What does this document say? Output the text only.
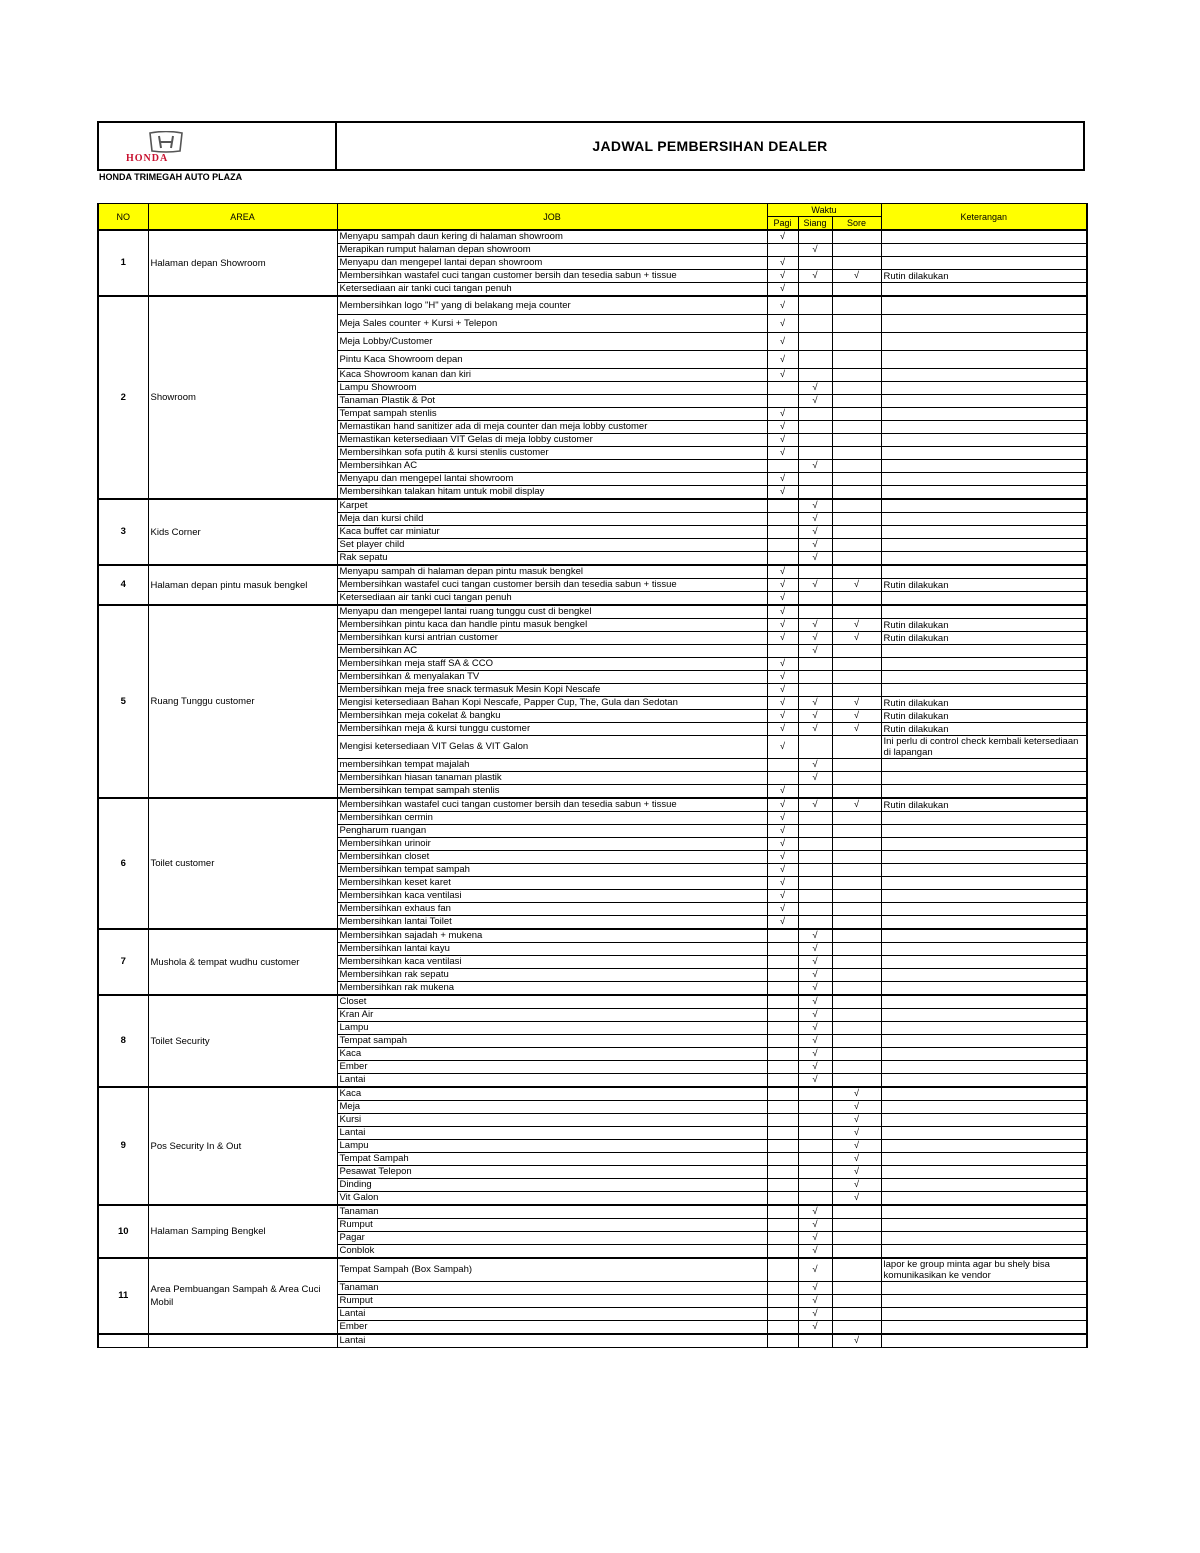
HONDA
JADWAL PEMBERSIHAN DEALER
HONDA TRIMEGAH AUTO PLAZA
NO	AREA	JOB	Waktu			Keterangan
			Pagi	Siang	Sore	
1	Halaman depan Showroom	Menyapu sampah daun kering di halaman showroom	√			
		Merapikan rumput halaman depan showroom		√		
		Menyapu dan mengepel lantai depan showroom	√			
		Membersihkan wastafel cuci tangan customer bersih dan tesedia sabun + tissue	√	√	√	Rutin dilakukan
		Ketersediaan air tanki cuci tangan penuh	√			
2	Showroom	Membersihkan logo "H" yang di belakang meja counter	√			
		Meja Sales counter + Kursi + Telepon	√			
		Meja Lobby/Customer	√			
		Pintu Kaca Showroom depan	√			
		Kaca Showroom kanan dan kiri	√			
		Lampu Showroom		√		
		Tanaman Plastik & Pot		√		
		Tempat sampah stenlis	√			
		Memastikan hand sanitizer ada di meja counter dan meja lobby customer	√			
		Memastikan ketersediaan VIT Gelas di meja lobby customer	√			
		Membersihkan sofa putih & kursi stenlis customer	√			
		Membersihkan AC		√		
		Menyapu dan mengepel lantai showroom	√			
		Membersihkan talakan hitam untuk mobil display	√			
3	Kids Corner	Karpet		√		
		Meja dan kursi child		√		
		Kaca buffet car miniatur		√		
		Set player child		√		
		Rak sepatu		√		
4	Halaman depan pintu masuk bengkel	Menyapu sampah di halaman depan pintu masuk bengkel	√			
		Membersihkan wastafel cuci tangan customer bersih dan tesedia sabun + tissue	√	√	√	Rutin dilakukan
		Ketersediaan air tanki cuci tangan penuh	√			
5	Ruang Tunggu customer	Menyapu dan mengepel lantai ruang tunggu cust di bengkel	√			
		Membersihkan pintu kaca dan handle pintu masuk bengkel	√	√	√	Rutin dilakukan
		Membersihkan kursi antrian customer	√	√	√	Rutin dilakukan
		Membersihkan AC		√		
		Membersihkan meja staff SA & CCO	√			
		Membersihkan & menyalakan TV	√			
		Membersihkan meja free snack termasuk Mesin Kopi Nescafe	√			
		Mengisi ketersediaan Bahan Kopi Nescafe, Papper Cup, The, Gula dan Sedotan	√	√	√	Rutin dilakukan
		Membersihkan meja cokelat & bangku	√	√	√	Rutin dilakukan
		Membersihkan meja & kursi tunggu customer	√	√	√	Rutin dilakukan
		Mengisi ketersediaan VIT Gelas & VIT Galon	√			Ini perlu di control check kembali ketersediaan di lapangan
		membersihkan tempat majalah		√		
		Membersihkan hiasan tanaman plastik		√		
		Membersihkan tempat sampah stenlis	√			
6	Toilet customer	Membersihkan wastafel cuci tangan customer bersih dan tesedia sabun + tissue	√	√	√	Rutin dilakukan
		Membersihkan cermin	√			
		Pengharum ruangan	√			
		Membersihkan urinoir	√			
		Membersihkan closet	√			
		Membersihkan tempat sampah	√			
		Membersihkan keset karet	√			
		Membersihkan kaca ventilasi	√			
		Membersihkan exhaus fan	√			
		Membersihkan lantai Toilet	√			
7	Mushola & tempat wudhu customer	Membersihkan sajadah + mukena		√		
		Membersihkan lantai kayu		√		
		Membersihkan kaca ventilasi		√		
		Membersihkan rak sepatu		√		
		Membersihkan rak mukena		√		
8	Toilet Security	Closet		√		
		Kran Air		√		
		Lampu		√		
		Tempat sampah		√		
		Kaca		√		
		Ember		√		
		Lantai		√		
9	Pos Security In & Out	Kaca			√	
		Meja			√	
		Kursi			√	
		Lantai			√	
		Lampu			√	
		Tempat Sampah			√	
		Pesawat Telepon			√	
		Dinding			√	
		Vit Galon			√	
10	Halaman Samping Bengkel	Tanaman		√		
		Rumput		√		
		Pagar		√		
		Conblok		√		
11	Area Pembuangan Sampah & Area Cuci Mobil	Tempat Sampah (Box Sampah)		√		lapor ke group minta agar bu shely bisa komunikasikan ke vendor
		Tanaman		√		
		Rumput		√		
		Lantai		√		
		Ember		√		
		Lantai			√	
